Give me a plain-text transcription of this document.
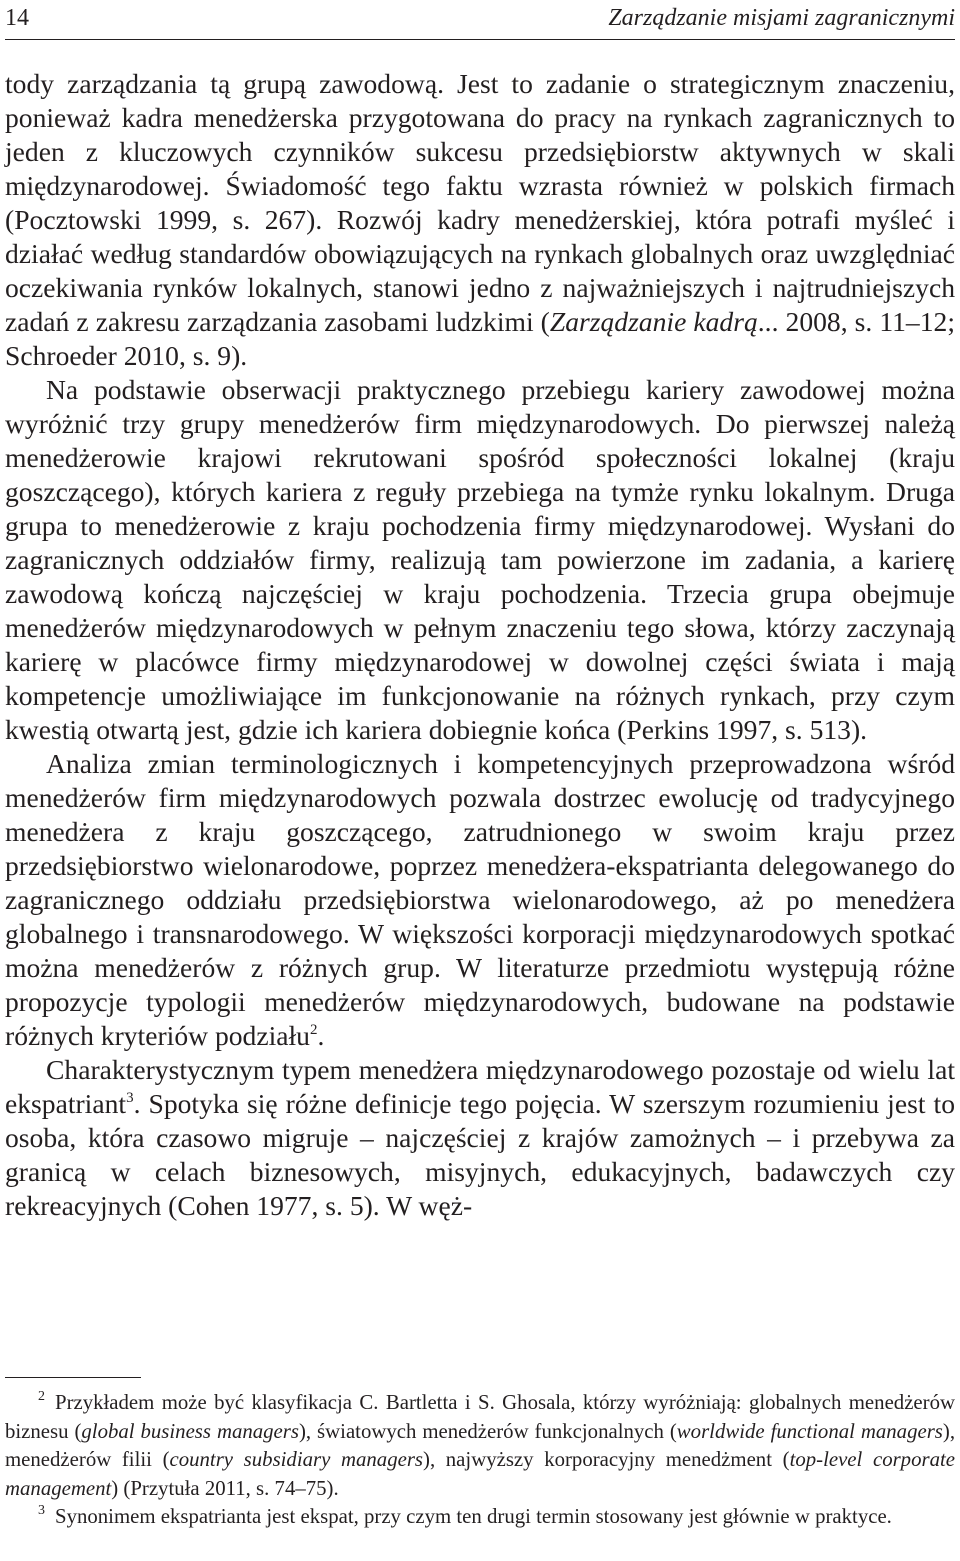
14	Zarządzanie misjami zagranicznymi

tody zarządzania tą grupą zawodową. Jest to zadanie o strategicznym znaczeniu, ponieważ kadra menedżerska przygotowana do pracy na rynkach zagranicznych to jeden z kluczowych czynników sukcesu przedsiębiorstw aktywnych w skali międzynarodowej. Świadomość tego faktu wzrasta również w polskich firmach (Pocztowski 1999, s. 267). Rozwój kadry menedżerskiej, która potrafi myśleć i działać według standardów obowiązujących na rynkach globalnych oraz uwzględniać oczekiwania rynków lokalnych, stanowi jedno z najważniejszych i najtrudniejszych zadań z zakresu zarządzania zasobami ludzkimi (Zarządzanie kadrą... 2008, s. 11–12; Schroeder 2010, s. 9).

Na podstawie obserwacji praktycznego przebiegu kariery zawodowej można wyróżnić trzy grupy menedżerów firm międzynarodowych. Do pierwszej należą menedżerowie krajowi rekrutowani spośród społeczności lokalnej (kraju goszczącego), których kariera z reguły przebiega na tymże rynku lokalnym. Druga grupa to menedżerowie z kraju pochodzenia firmy międzynarodowej. Wysłani do zagranicznych oddziałów firmy, realizują tam powierzone im zadania, a karierę zawodową kończą najczęściej w kraju pochodzenia. Trzecia grupa obejmuje menedżerów międzynarodowych w pełnym znaczeniu tego słowa, którzy zaczynają karierę w placówce firmy międzynarodowej w dowolnej części świata i mają kompetencje umożliwiające im funkcjonowanie na różnych rynkach, przy czym kwestią otwartą jest, gdzie ich kariera dobiegnie końca (Perkins 1997, s. 513).

Analiza zmian terminologicznych i kompetencyjnych przeprowadzona wśród menedżerów firm międzynarodowych pozwala dostrzec ewolucję od tradycyjnego menedżera z kraju goszczącego, zatrudnionego w swoim kraju przez przedsiębiorstwo wielonarodowe, poprzez menedżera-ekspatrianta delegowanego do zagranicznego oddziału przedsiębiorstwa wielonarodowego, aż po menedżera globalnego i transnarodowego. W większości korporacji międzynarodowych spotkać można menedżerów z różnych grup. W literaturze przedmiotu występują różne propozycje typologii menedżerów międzynarodowych, budowane na podstawie różnych kryteriów podziału$^2$.

Charakterystycznym typem menedżera międzynarodowego pozostaje od wielu lat ekspatriant$^3$. Spotyka się różne definicje tego pojęcia. W szerszym rozumieniu jest to osoba, która czasowo migruje – najczęściej z krajów zamożnych – i przebywa za granicą w celach biznesowych, misyjnych, edukacyjnych, badawczych czy rekreacyjnych (Cohen 1977, s. 5). W węż-

$^2$ Przykładem może być klasyfikacja C. Bartletta i S. Ghosala, którzy wyróżniają: globalnych menedżerów biznesu (global business managers), światowych menedżerów funkcjonalnych (worldwide functional managers), menedżerów filii (country subsidiary managers), najwyższy korporacyjny menedżment (top-level corporate management) (Przytuła 2011, s. 74–75).

$^3$ Synonimem ekspatrianta jest ekspat, przy czym ten drugi termin stosowany jest głównie w praktyce.
